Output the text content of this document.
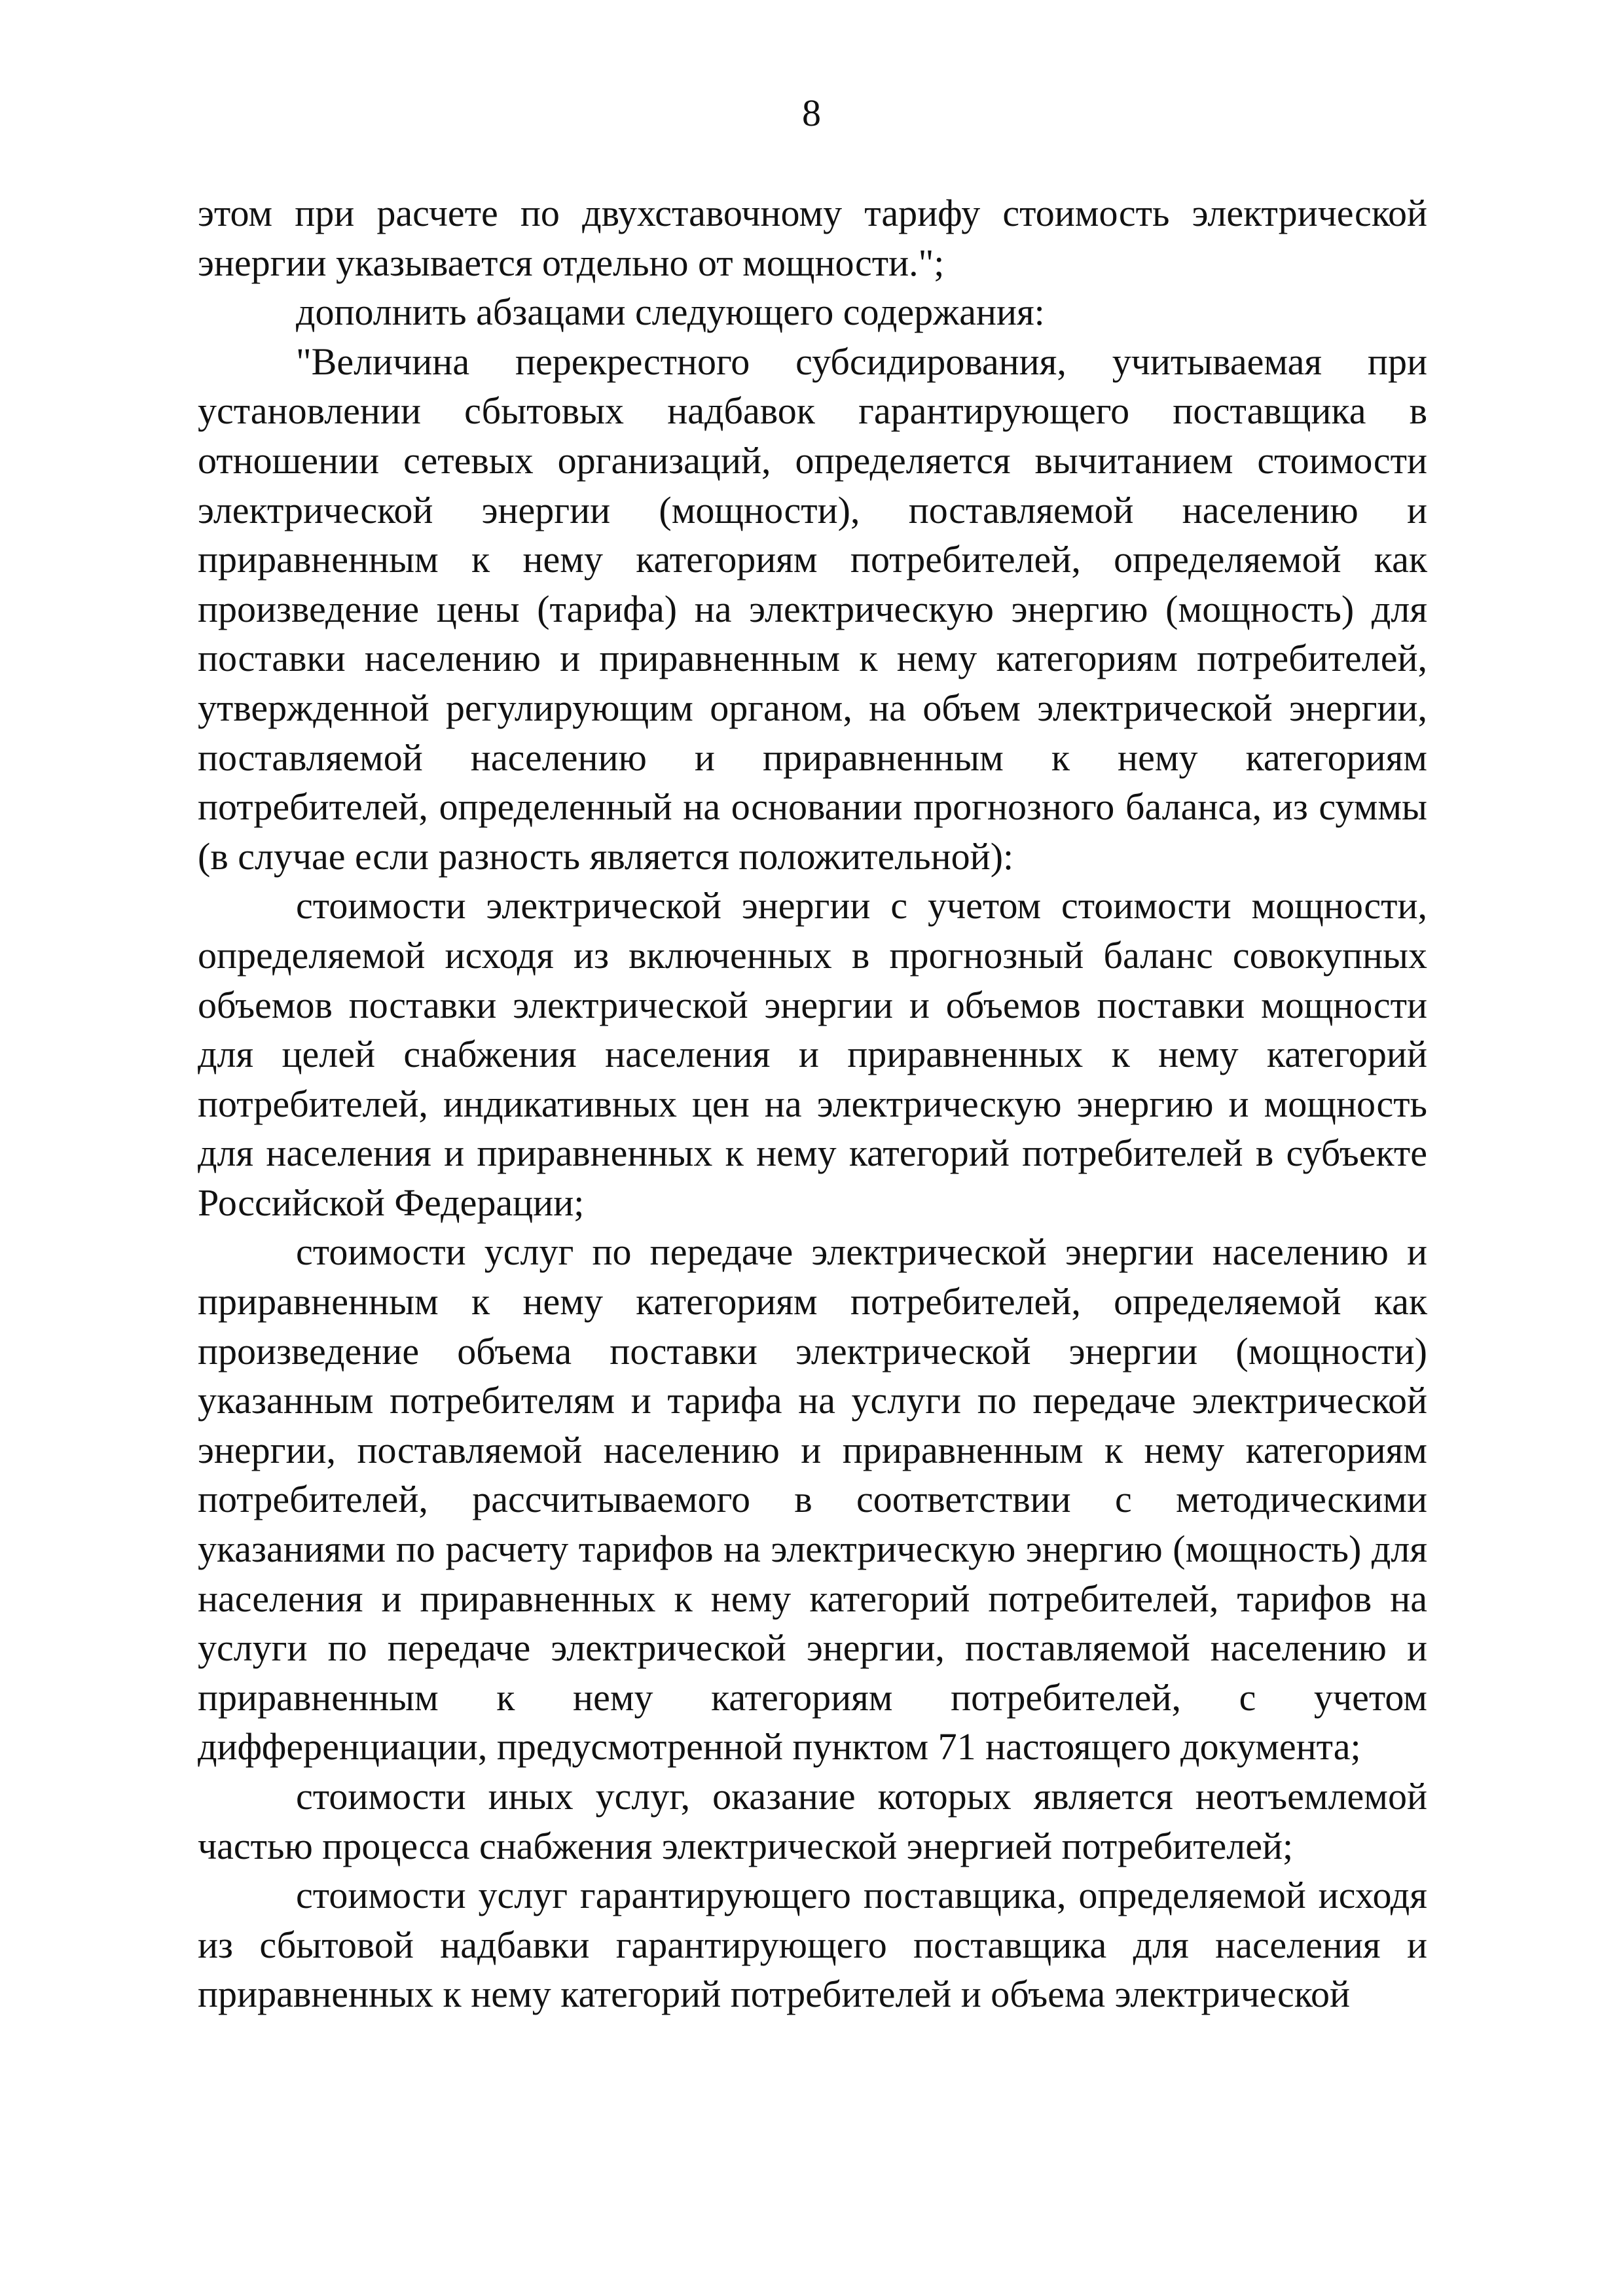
8

этом при расчете по двухставочному тарифу стоимость электрической энергии указывается отдельно от мощности.";

дополнить абзацами следующего содержания:

"Величина перекрестного субсидирования, учитываемая при установлении сбытовых надбавок гарантирующего поставщика в отношении сетевых организаций, определяется вычитанием стоимости электрической энергии (мощности), поставляемой населению и приравненным к нему категориям потребителей, определяемой как произведение цены (тарифа) на электрическую энергию (мощность) для поставки населению и приравненным к нему категориям потребителей, утвержденной регулирующим органом, на объем электрической энергии, поставляемой населению и приравненным к нему категориям потребителей, определенный на основании прогнозного баланса, из суммы (в случае если разность является положительной):

стоимости электрической энергии с учетом стоимости мощности, определяемой исходя из включенных в прогнозный баланс совокупных объемов поставки электрической энергии и объемов поставки мощности для целей снабжения населения и приравненных к нему категорий потребителей, индикативных цен на электрическую энергию и мощность для населения и приравненных к нему категорий потребителей в субъекте Российской Федерации;

стоимости услуг по передаче электрической энергии населению и приравненным к нему категориям потребителей, определяемой как произведение объема поставки электрической энергии (мощности) указанным потребителям и тарифа на услуги по передаче электрической энергии, поставляемой населению и приравненным к нему категориям потребителей, рассчитываемого в соответствии с методическими указаниями по расчету тарифов на электрическую энергию (мощность) для населения и приравненных к нему категорий потребителей, тарифов на услуги по передаче электрической энергии, поставляемой населению и приравненным к нему категориям потребителей, с учетом дифференциации, предусмотренной пунктом 71 настоящего документа;

стоимости иных услуг, оказание которых является неотъемлемой частью процесса снабжения электрической энергией потребителей;

стоимости услуг гарантирующего поставщика, определяемой исходя из сбытовой надбавки гарантирующего поставщика для населения и приравненных к нему категорий потребителей и объема электрической
